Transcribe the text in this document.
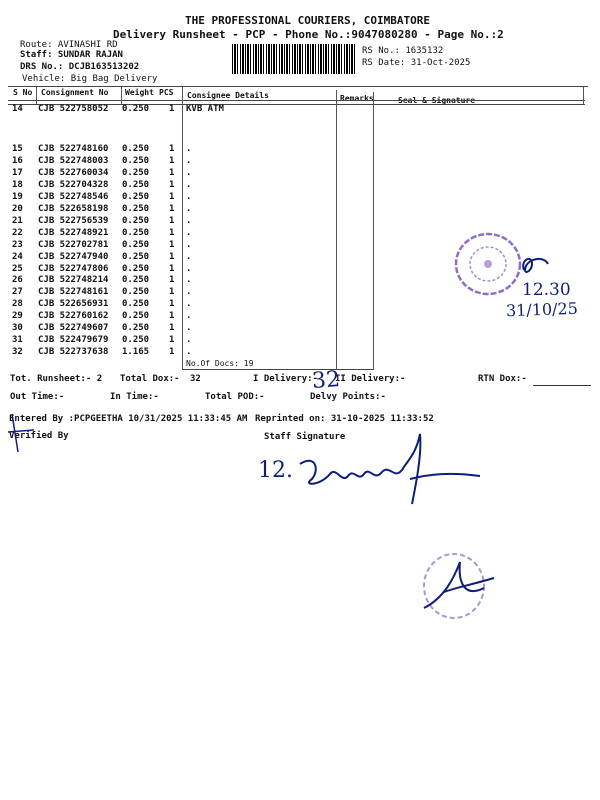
THE PROFESSIONAL COURIERS, COIMBATORE
Delivery Runsheet - PCP - Phone No.:9047080280 - Page No.:2
Route: AVINASHI RD
Staff: SUNDAR RAJAN
DRS No.: DCJB163513202
Vehicle: Big Bag Delivery
RS No.: 1635132
RS Date: 31-Oct-2025
S No Consignment No Weight PCS Consignee Details	Remarks	Seal & Signature
14 CJB 522758052 0.250 1 KVB ATM
15 CJB 522748160 0.250 1 .
16 CJB 522748003 0.250 1 .
17 CJB 522760034 0.250 1 .
18 CJB 522704328 0.250 1 .
19 CJB 522748546 0.250 1 .
20 CJB 522658198 0.250 1 .
21 CJB 522756539 0.250 1 .
22 CJB 522748921 0.250 1 .
23 CJB 522702781 0.250 1 .
24 CJB 522747940 0.250 1 .
25 CJB 522747806 0.250 1 .
26 CJB 522748214 0.250 1 .
27 CJB 522748161 0.250 1 .
28 CJB 522656931 0.250 1 .
29 CJB 522760162 0.250 1 .
30 CJB 522749607 0.250 1 .
31 CJB 522479679 0.250 1 .
32 CJB 522737638 1.165 1 .
No.Of Docs: 19
Tot. Runsheet:- 2 Total Dox:- 32	I Delivery:- II Delivery:-	RTN Dox:-
Out Time:-	In Time:-	Total POD:-	Delvy Points:-
Entered By :PCPGEETHA 10/31/2025 11:33:45 AM Reprinted on: 31-10-2025 11:33:52
Verified By	Staff Signature
32
12.30
31/10/25
12.
